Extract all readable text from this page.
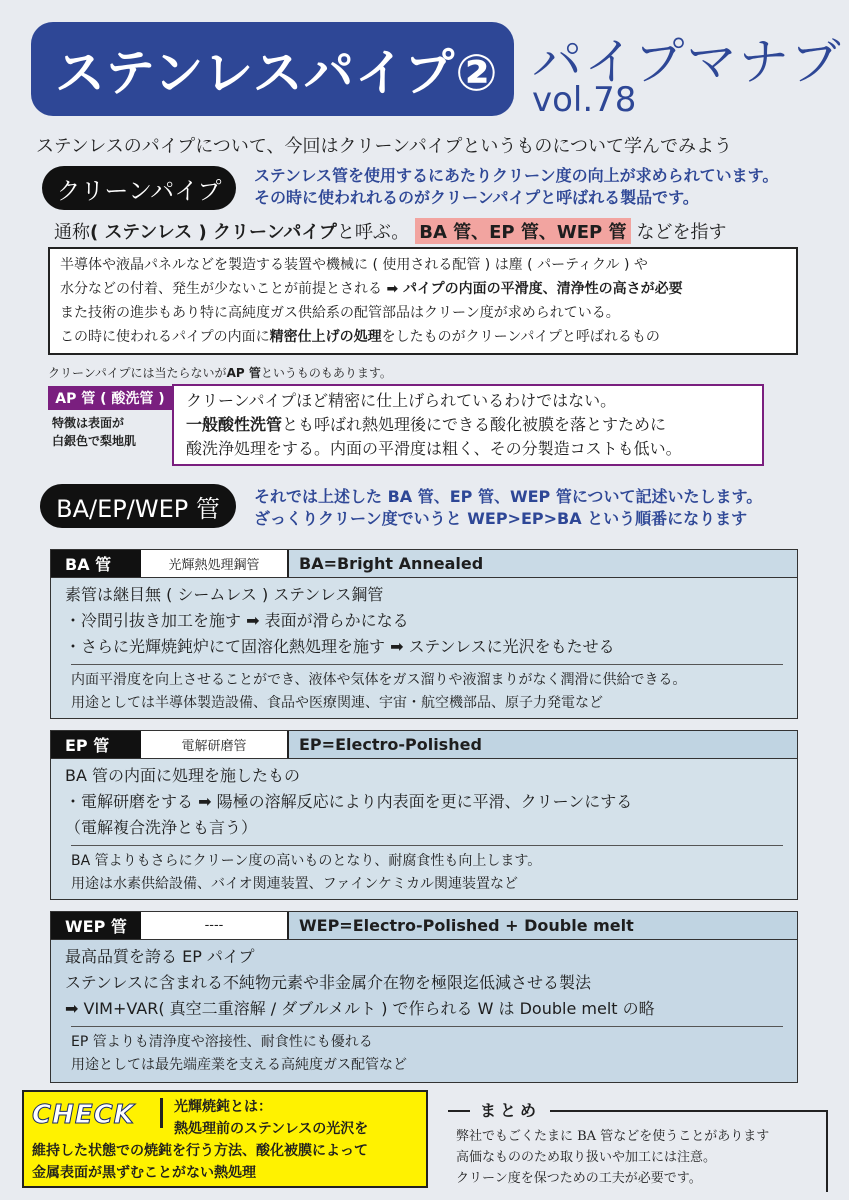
ステンレスパイプ② パイプマナブ
vol.78
ステンレスのパイプについて、今回はクリーンパイプというものについて学んでみよう
クリーンパイプ
ステンレス管を使用するにあたりクリーン度の向上が求められています。
その時に使われれるのがクリーンパイプと呼ばれる製品です。
通称 ( ステンレス ) クリーンパイプ と呼ぶ。 BA 管、EP 管、WEP 管 などを指す
半導体や液晶パネルなどを製造する装置や機械に ( 使用される配管 ) は塵 ( パーティクル ) や
水分などの付着、発生が少ないことが前提とされる ➡ パイプの内面の平滑度、清浄性の高さが必要
また技術の進歩もあり特に高純度ガス供給系の配管部品はクリーン度が求められている。
この時に使われるパイプの内面に精密仕上げの処理をしたものがクリーンパイプと呼ばれるもの
クリーンパイプには当たらないがAP 管というものもあります。
AP 管 ( 酸洗管 )
特徴は表面が
白銀色で梨地肌
クリーンパイプほど精密に仕上げられているわけではない。
一般酸性洗管とも呼ばれ熱処理後にできる酸化被膜を落とすために
酸洗浄処理をする。内面の平滑度は粗く、その分製造コストも低い。
BA/EP/WEP 管 それでは上述した BA 管、EP 管、WEP 管について記述いたします。
ざっくりクリーン度でいうと WEP>EP>BA という順番になります
BA 管	光輝熱処理鋼管	BA=Bright Annealed
素管は継目無 ( シームレス ) ステンレス鋼管
・冷間引抜き加工を施す ➡ 表面が滑らかになる
・さらに光輝焼鈍炉にて固溶化熱処理を施す ➡ ステンレスに光沢をもたせる
内面平滑度を向上させることができ、液体や気体をガス溜りや液溜まりがなく潤滑に供給できる。
用途としては半導体製造設備、食品や医療関連、宇宙・航空機部品、原子力発電など
EP 管	電解研磨管	EP=Electro-Polished
BA 管の内面に処理を施したもの
・電解研磨をする ➡ 陽極の溶解反応により内表面を更に平滑、クリーンにする
（電解複合洗浄とも言う）
BA 管よりもさらにクリーン度の高いものとなり、耐腐食性も向上します。
用途は水素供給設備、バイオ関連装置、ファインケミカル関連装置など
WEP 管	----	WEP=Electro-Polished + Double melt
最高品質を誇る EP パイプ
ステンレスに含まれる不純物元素や非金属介在物を極限迄低減させる製法
➡ VIM+VAR( 真空二重溶解 / ダブルメルト ) で作られる W は Double melt の略
EP 管よりも清浄度や溶接性、耐食性にも優れる
用途としては最先端産業を支える高純度ガス配管など
CHECK	光輝焼鈍とは：
熱処理前のステンレスの光沢を
維持した状態での焼鈍を行う方法、酸化被膜によって
金属表面が黒ずむことがない熱処理
まとめ
弊社でもごくたまに BA 管などを使うことがあります
高価なもののため取り扱いや加工には注意。
クリーン度を保つための工夫が必要です。
